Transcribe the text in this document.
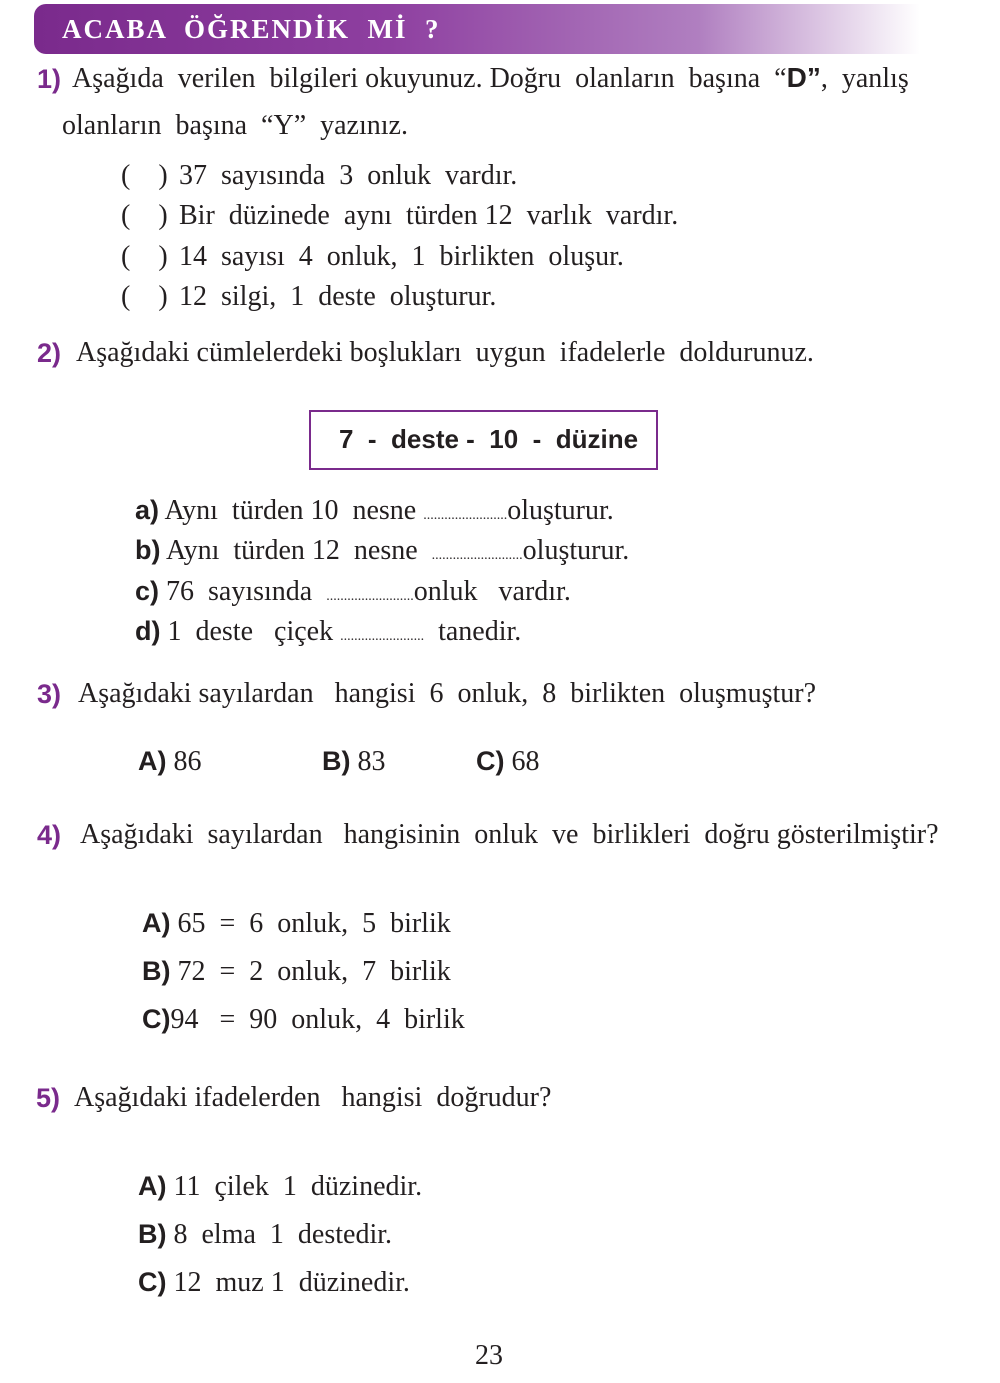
ACABA  ÖĞRENDİK  Mİ  ?
1) Aşağıda  verilen  bilgileri okuyunuz. Doğru  olanların  başına  “D”,  yanlış
olanların  başına  “Y”  yazınız.
(    ) 37  sayısında  3  onluk  vardır.
(    ) Bir  düzinede  aynı  türden 12  varlık  vardır.
(    ) 14  sayısı  4  onluk,  1  birlikten  oluşur.
(    ) 12  silgi,  1  deste  oluşturur.
2) Aşağıdaki cümlelerdeki boşlukları  uygun  ifadelerle  doldurunuz.
7  -  deste -  10  -  düzine
a) Aynı  türden 10  nesne ........................oluşturur.
b) Aynı  türden 12  nesne  ..........................oluşturur.
c) 76  sayısında  .........................onluk   vardır.
d) 1  deste   çiçek ........................  tanedir.
3) Aşağıdaki sayılardan   hangisi  6  onluk,  8  birlikten  oluşmuştur?
A) 86	B) 83	C) 68
4) Aşağıdaki  sayılardan   hangisinin  onluk  ve  birlikleri  doğru gösterilmiştir?
A) 65  =  6  onluk,  5  birlik
B) 72  =  2  onluk,  7  birlik
C)94   =  90  onluk,  4  birlik
5) Aşağıdaki ifadelerden   hangisi  doğrudur?
A) 11  çilek  1  düzinedir.
B) 8  elma  1  destedir.
C) 12  muz 1  düzinedir.
23
